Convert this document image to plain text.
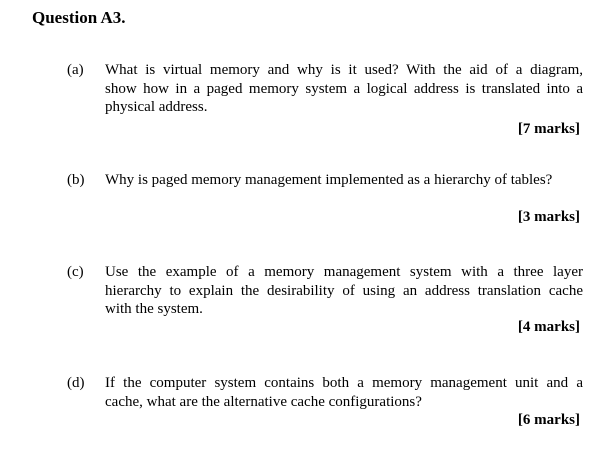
Question A3.
(a) What is virtual memory and why is it used? With the aid of a diagram,
show how in a paged memory system a logical address is translated into a
physical address.
[7 marks]
(b) Why is paged memory management implemented as a hierarchy of tables?
[3 marks]
(c) Use the example of a memory management system with a three layer
hierarchy to explain the desirability of using an address translation cache
with the system.
[4 marks]
(d) If the computer system contains both a memory management unit and a
cache, what are the alternative cache configurations?
[6 marks]
